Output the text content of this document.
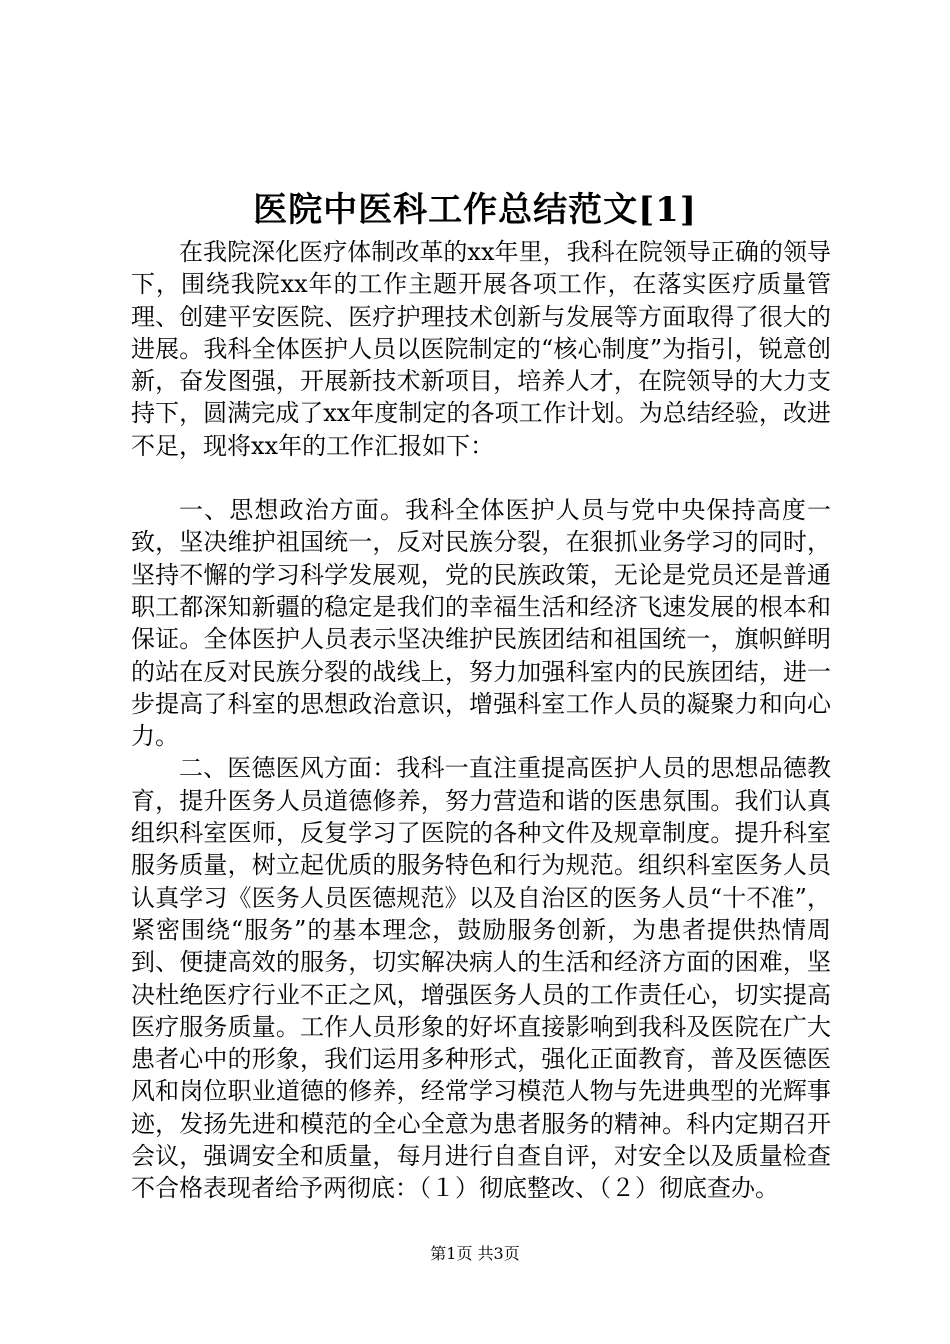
医院中医科工作总结范文[1]

在我院深化医疗体制改革的xx年里，我科在院领导正确的领导下，围绕我院xx年的工作主题开展各项工作，在落实医疗质量管理、创建平安医院、医疗护理技术创新与发展等方面取得了很大的进展。我科全体医护人员以医院制定的“核心制度”为指引，锐意创新，奋发图强，开展新技术新项目，培养人才，在院领导的大力支持下，圆满完成了xx年度制定的各项工作计划。为总结经验，改进不足，现将xx年的工作汇报如下：

一、思想政治方面。我科全体医护人员与党中央保持高度一致，坚决维护祖国统一，反对民族分裂，在狠抓业务学习的同时，坚持不懈的学习科学发展观，党的民族政策，无论是党员还是普通职工都深知新疆的稳定是我们的幸福生活和经济飞速发展的根本和保证。全体医护人员表示坚决维护民族团结和祖国统一，旗帜鲜明的站在反对民族分裂的战线上，努力加强科室内的民族团结，进一步提高了科室的思想政治意识，增强科室工作人员的凝聚力和向心力。

二、医德医风方面：我科一直注重提高医护人员的思想品德教育，提升医务人员道德修养，努力营造和谐的医患氛围。我们认真组织科室医师，反复学习了医院的各种文件及规章制度。提升科室服务质量，树立起优质的服务特色和行为规范。组织科室医务人员认真学习《医务人员医德规范》以及自治区的医务人员“十不准”，紧密围绕“服务”的基本理念，鼓励服务创新，为患者提供热情周到、便捷高效的服务，切实解决病人的生活和经济方面的困难，坚决杜绝医疗行业不正之风，增强医务人员的工作责任心，切实提高医疗服务质量。工作人员形象的好坏直接影响到我科及医院在广大患者心中的形象，我们运用多种形式，强化正面教育，普及医德医风和岗位职业道德的修养，经常学习模范人物与先进典型的光辉事迹，发扬先进和模范的全心全意为患者服务的精神。科内定期召开会议，强调安全和质量，每月进行自查自评，对安全以及质量检查不合格表现者给予两彻底：（１）彻底整改、（２）彻底查办。

第1页 共3页
